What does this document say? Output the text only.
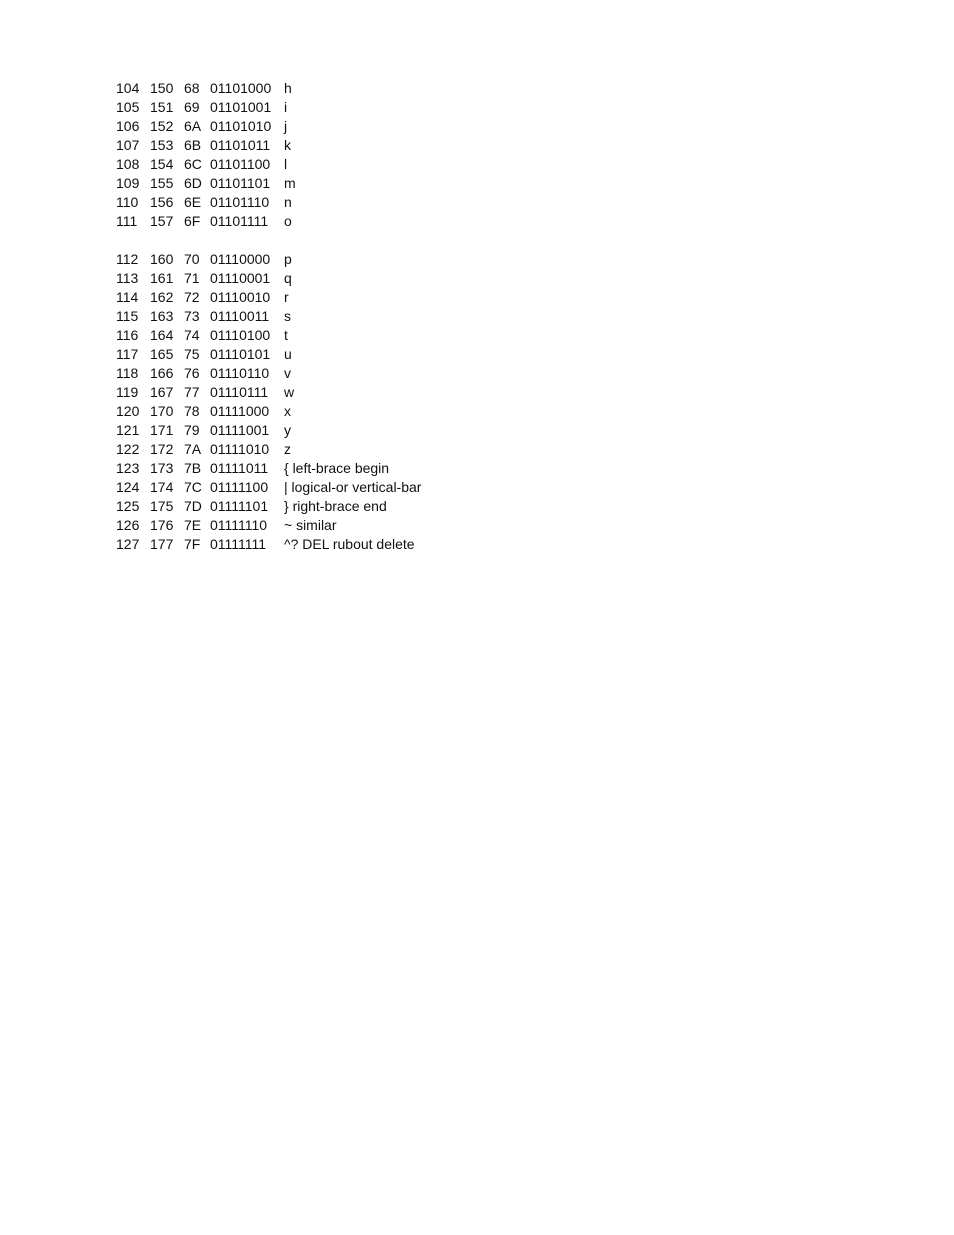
104 150 68 01101000 h
105 151 69 01101001 i
106 152 6A 01101010 j
107 153 6B 01101011 k
108 154 6C 01101100 l
109 155 6D 01101101 m
110 156 6E 01101110	n
111 157 6F 01101111	o
112 160 70 01110000 p
113 161 71 01110001 q
114 162 72 01110010 r
115 163 73 01110011	s
116 164 74 01110100 t
117 165 75 01110101 u
118 166 76 01110110	v
119 167 77 01110111	w
120 170 78 01111000	x
121 171 79 01111001	y
122 172 7A 01111010	z
123 173 7B 01111011	{ left-brace begin
124 174 7C 01111100	| logical-or vertical-bar
125 175 7D 01111101	} right-brace end
126 176 7E 01111110	~ similar
127 177 7F 01111111	^? DEL rubout delete
